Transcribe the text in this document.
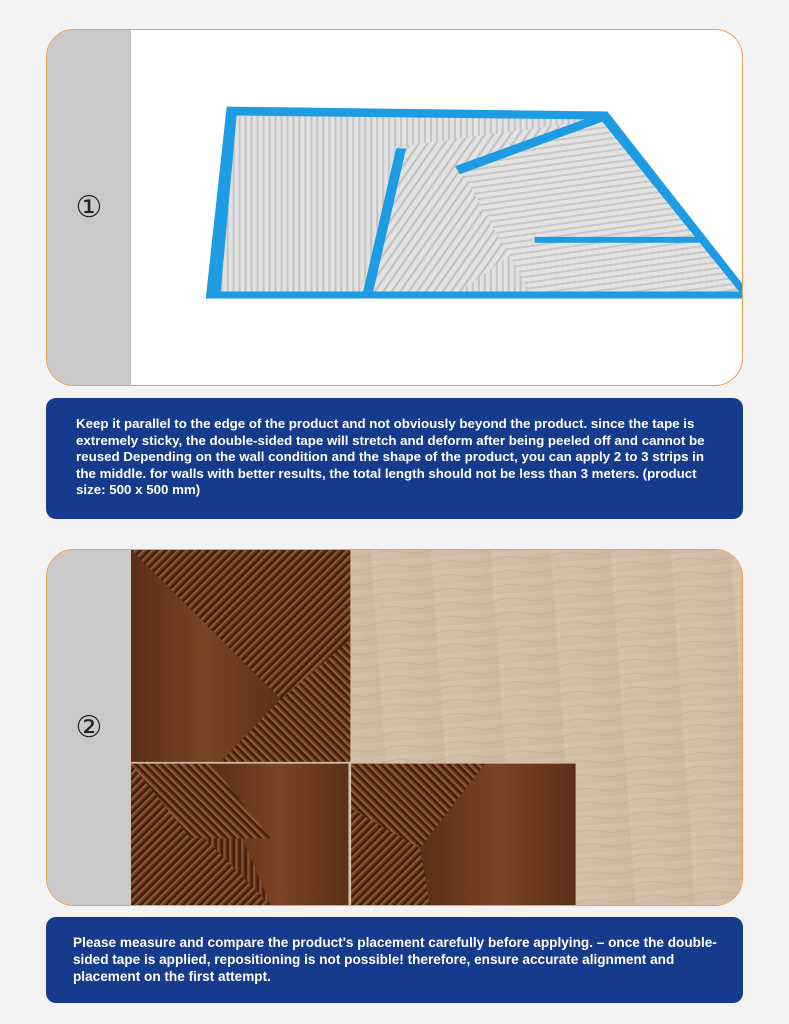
①
Keep it parallel to the edge of the product and not obviously beyond the product. since the tape is extremely sticky, the double-sided tape will stretch and deform after being peeled off and cannot be reused Depending on the wall condition and the shape of the product, you can apply 2 to 3 strips in the middle. for walls with better results, the total length should not be less than 3 meters. (product size: 500 x 500 mm)
②
Please measure and compare the product's placement carefully before applying. – once the double-sided tape is applied, repositioning is not possible! therefore, ensure accurate alignment and placement on the first attempt.
